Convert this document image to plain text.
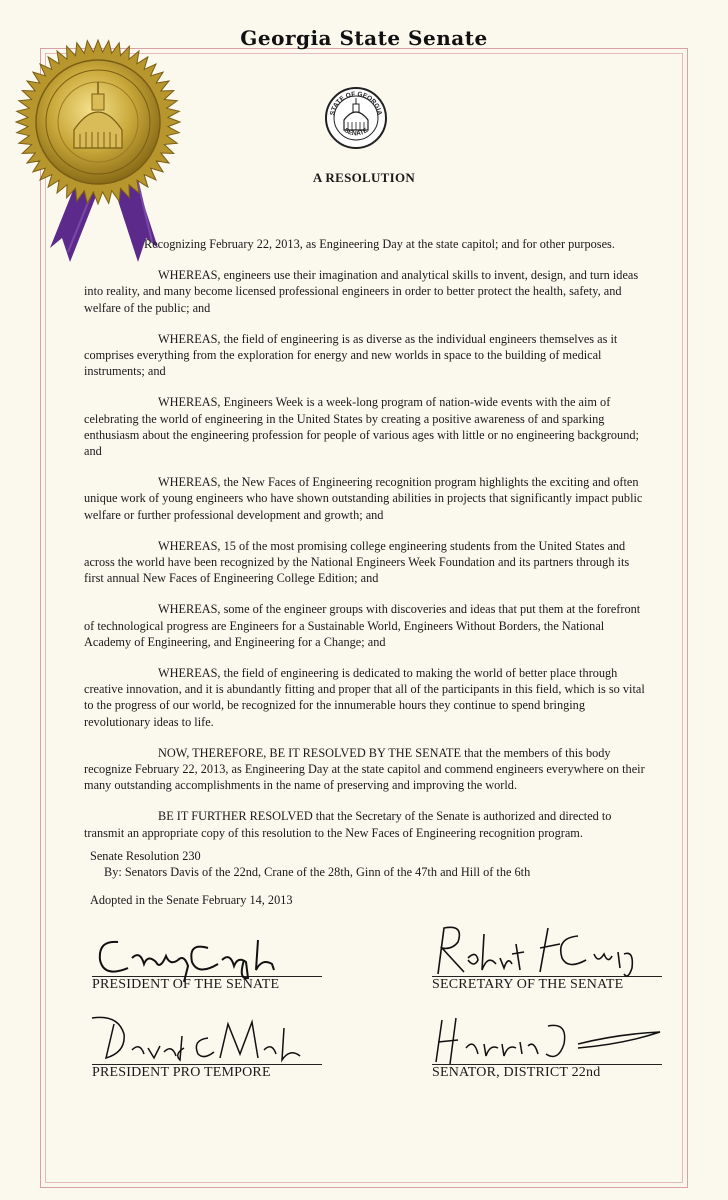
Georgia State Senate
STATE OF GEORGIA
SENATE
A RESOLUTION

Recognizing February 22, 2013, as Engineering Day at the state capitol; and for other purposes.

WHEREAS, engineers use their imagination and analytical skills to invent, design, and turn ideas into reality, and many become licensed professional engineers in order to better protect the health, safety, and welfare of the public; and

WHEREAS, the field of engineering is as diverse as the individual engineers themselves as it comprises everything from the exploration for energy and new worlds in space to the building of medical instruments; and

WHEREAS, Engineers Week is a week-long program of nation-wide events with the aim of celebrating the world of engineering in the United States by creating a positive awareness of and sparking enthusiasm about the engineering profession for people of various ages with little or no engineering background; and

WHEREAS, the New Faces of Engineering recognition program highlights the exciting and often unique work of young engineers who have shown outstanding abilities in projects that significantly impact public welfare or further professional development and growth; and

WHEREAS, 15 of the most promising college engineering students from the United States and across the world have been recognized by the National Engineers Week Foundation and its partners through its first annual New Faces of Engineering College Edition; and

WHEREAS, some of the engineer groups with discoveries and ideas that put them at the forefront of technological progress are Engineers for a Sustainable World, Engineers Without Borders, the National Academy of Engineering, and Engineering for a Change; and

WHEREAS, the field of engineering is dedicated to making the world of better place through creative innovation, and it is abundantly fitting and proper that all of the participants in this field, which is so vital to the progress of our world, be recognized for the innumerable hours they continue to spend bringing revolutionary ideas to life.

NOW, THEREFORE, BE IT RESOLVED BY THE SENATE that the members of this body recognize February 22, 2013, as Engineering Day at the state capitol and commend engineers everywhere on their many outstanding accomplishments in the name of preserving and improving the world.

BE IT FURTHER RESOLVED that the Secretary of the Senate is authorized and directed to transmit an appropriate copy of this resolution to the New Faces of Engineering recognition program.

Senate Resolution 230
By: Senators Davis of the 22nd, Crane of the 28th, Ginn of the 47th and Hill of the 6th
Adopted in the Senate February 14, 2013
PRESIDENT OF THE SENATE	SECRETARY OF THE SENATE
PRESIDENT PRO TEMPORE	SENATOR, DISTRICT 22nd
